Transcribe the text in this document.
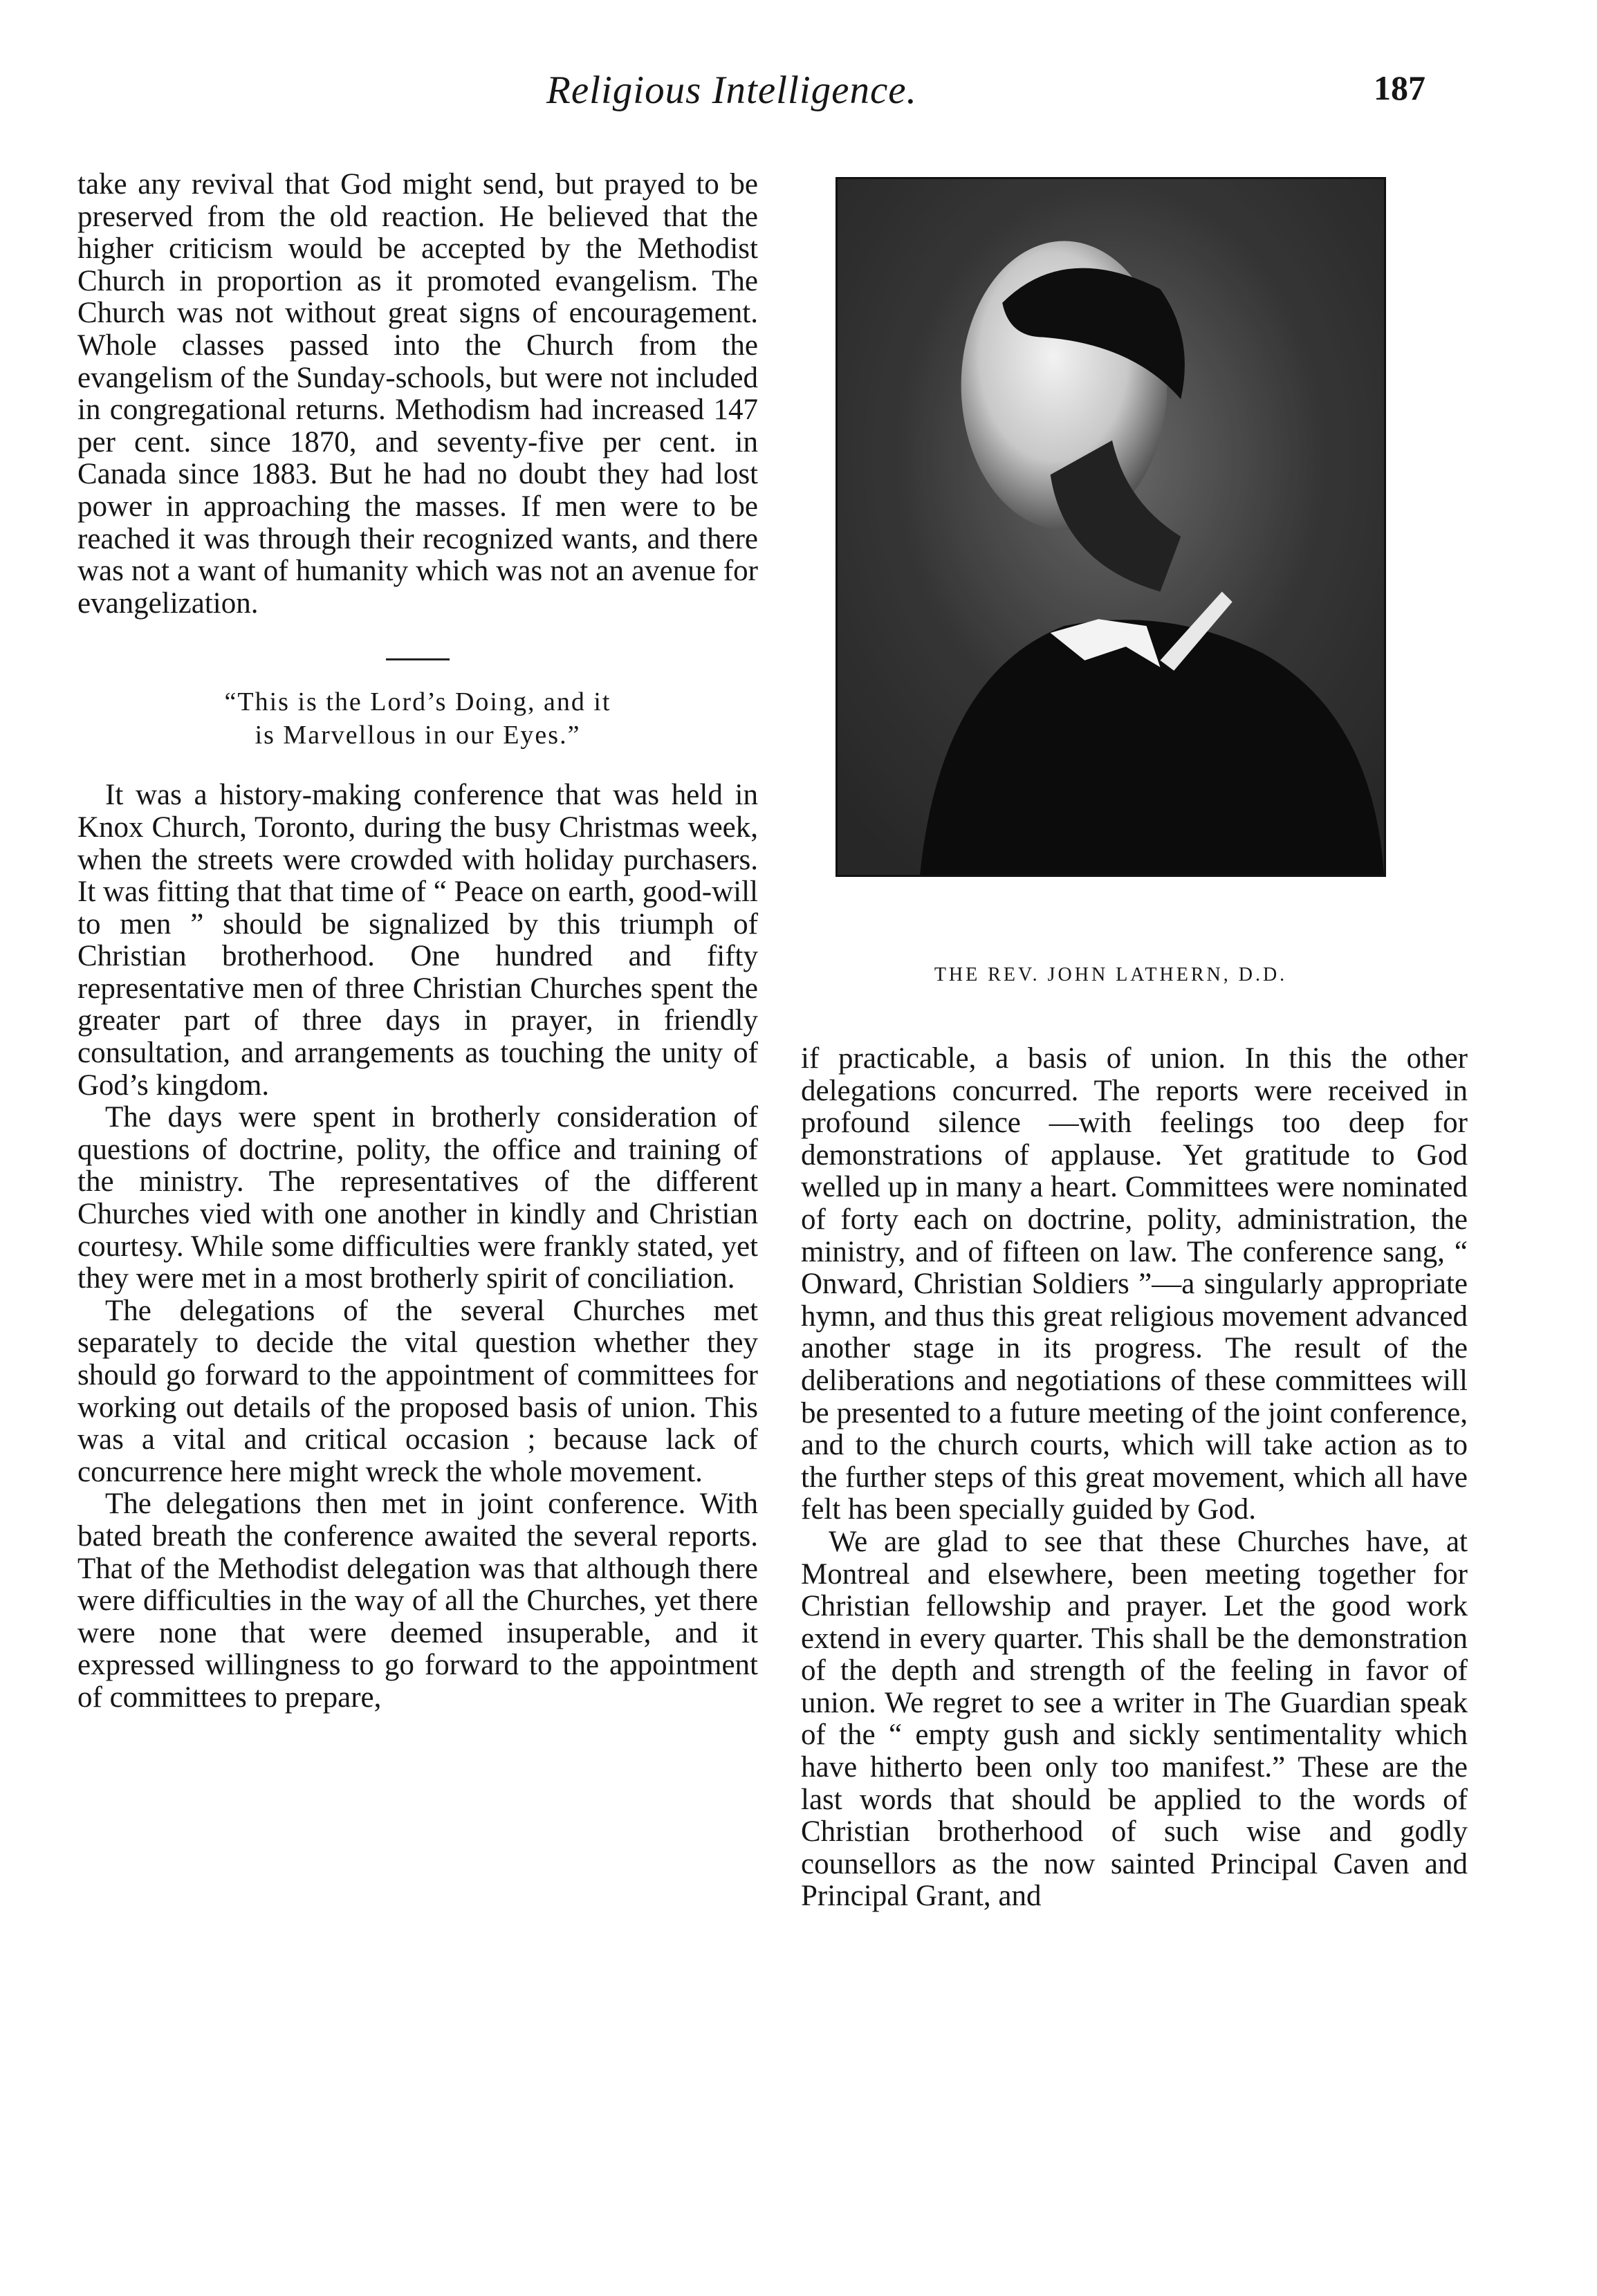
Religious Intelligence.	187

take any revival that God might send, but prayed to be preserved from the old reaction. He believed that the higher criticism would be accepted by the Methodist Church in proportion as it promoted evangelism. The Church was not without great signs of encouragement. Whole classes passed into the Church from the evangelism of the Sunday-schools, but were not included in congregational returns. Methodism had increased 147 per cent. since 1870, and seventy-five per cent. in Canada since 1883. But he had no doubt they had lost power in approaching the masses. If men were to be reached it was through their recognized wants, and there was not a want of humanity which was not an avenue for evangelization.

“This is the Lord’s Doing, and it
is Marvellous in our Eyes.”

It was a history-making conference that was held in Knox Church, Toronto, during the busy Christmas week, when the streets were crowded with holiday purchasers. It was fitting that that time of “ Peace on earth, good-will to men ” should be signalized by this triumph of Christian brotherhood. One hundred and fifty representative men of three Christian Churches spent the greater part of three days in prayer, in friendly consultation, and arrangements as touching the unity of God’s kingdom.

The days were spent in brotherly consideration of questions of doctrine, polity, the office and training of the ministry. The representatives of the different Churches vied with one another in kindly and Christian courtesy. While some difficulties were frankly stated, yet they were met in a most brotherly spirit of conciliation.

The delegations of the several Churches met separately to decide the vital question whether they should go forward to the appointment of committees for working out details of the proposed basis of union. This was a vital and critical occasion ; because lack of concurrence here might wreck the whole movement.

The delegations then met in joint conference. With bated breath the conference awaited the several reports. That of the Methodist delegation was that although there were difficulties in the way of all the Churches, yet there were none that were deemed insuperable, and it expressed willingness to go forward to the appointment of committees to prepare,

THE REV. JOHN LATHERN, D.D.

if practicable, a basis of union. In this the other delegations concurred. The reports were received in profound silence —with feelings too deep for demonstrations of applause. Yet gratitude to God welled up in many a heart. Committees were nominated of forty each on doctrine, polity, administration, the ministry, and of fifteen on law. The conference sang, “ Onward, Christian Soldiers ”—a singularly appropriate hymn, and thus this great religious movement advanced another stage in its progress. The result of the deliberations and negotiations of these committees will be presented to a future meeting of the joint conference, and to the church courts, which will take action as to the further steps of this great movement, which all have felt has been specially guided by God.

We are glad to see that these Churches have, at Montreal and elsewhere, been meeting together for Christian fellowship and prayer. Let the good work extend in every quarter. This shall be the demonstration of the depth and strength of the feeling in favor of union. We regret to see a writer in The Guardian speak of the “ empty gush and sickly sentimentality which have hitherto been only too manifest.” These are the last words that should be applied to the words of Christian brotherhood of such wise and godly counsellors as the now sainted Principal Caven and Principal Grant, and
